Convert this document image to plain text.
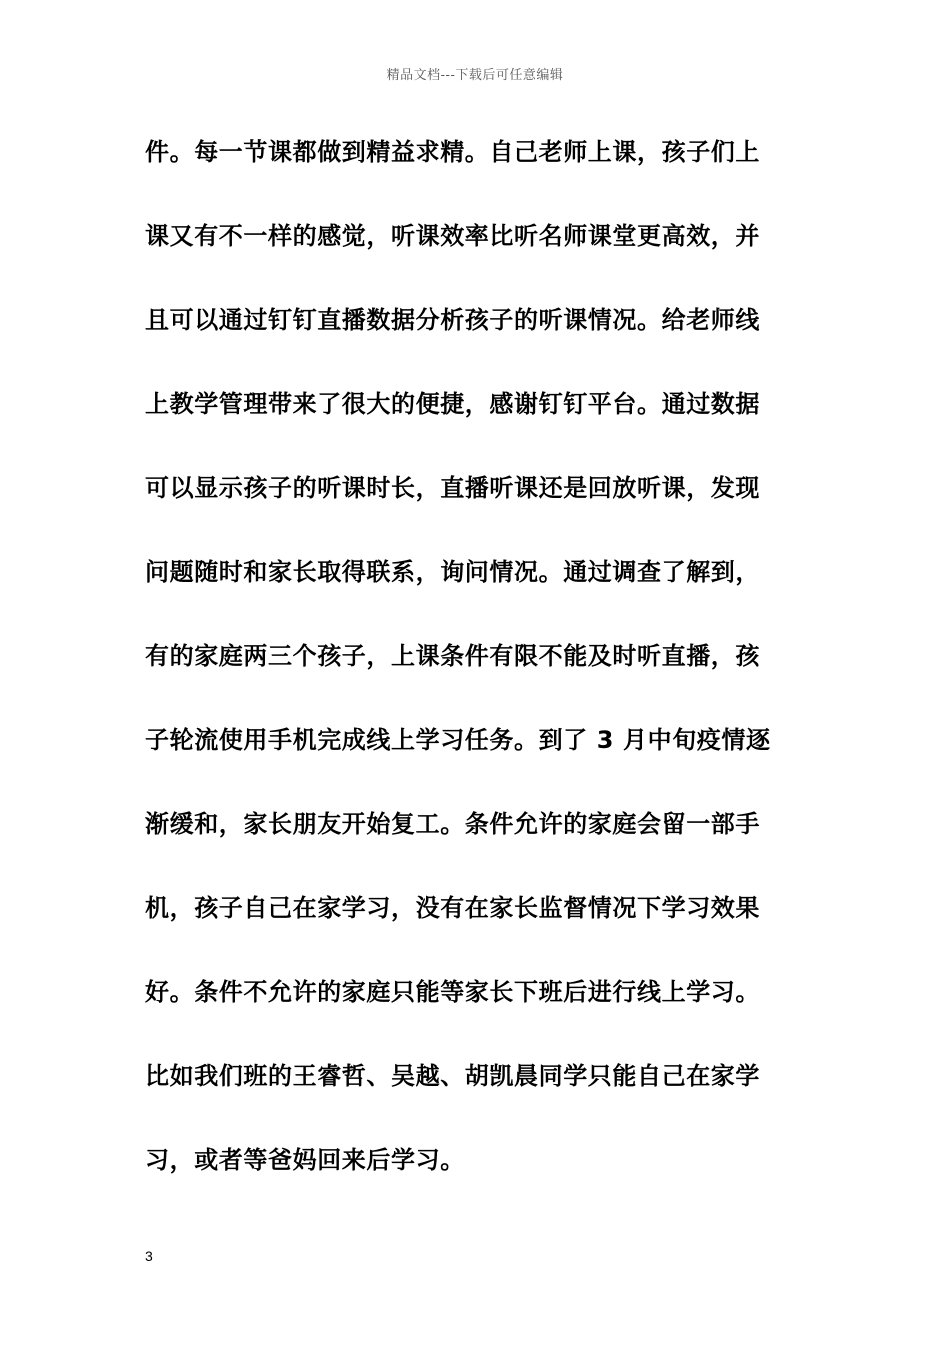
精品文档---下载后可任意编辑
件。每一节课都做到精益求精。自己老师上课，孩子们上
课又有不一样的感觉，听课效率比听名师课堂更高效，并
且可以通过钉钉直播数据分析孩子的听课情况。给老师线
上教学管理带来了很大的便捷，感谢钉钉平台。通过数据
可以显示孩子的听课时长，直播听课还是回放听课，发现
问题随时和家长取得联系，询问情况。通过调查了解到，
有的家庭两三个孩子，上课条件有限不能及时听直播，孩
子轮流使用手机完成线上学习任务。到了 3 月中旬疫情逐
渐缓和，家长朋友开始复工。条件允许的家庭会留一部手
机，孩子自己在家学习，没有在家长监督情况下学习效果
好。条件不允许的家庭只能等家长下班后进行线上学习。
比如我们班的王睿哲、吴越、胡凯晨同学只能自己在家学
习，或者等爸妈回来后学习。
3
